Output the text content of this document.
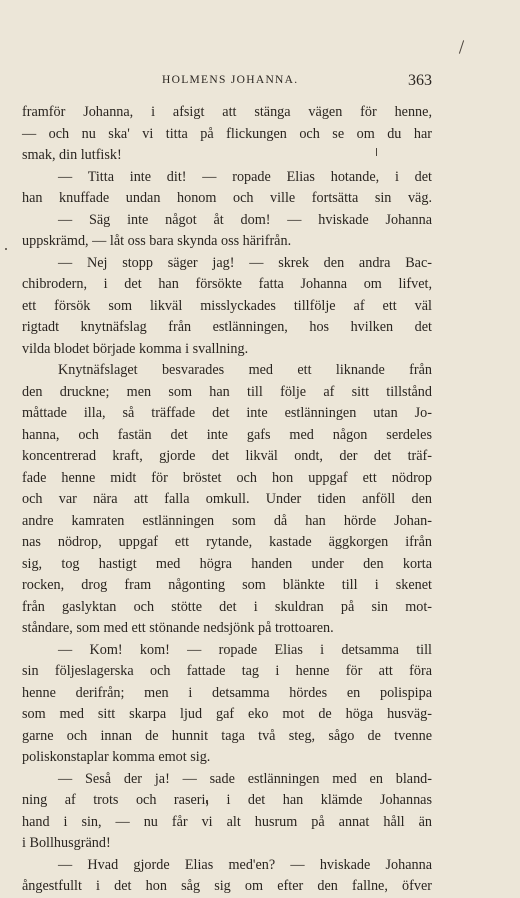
HOLMENS JOHANNA.	363
framför Johanna, i afsigt att stänga vägen för henne,
— och nu ska' vi titta på flickungen och se om du har
smak, din lutfisk!
— Titta inte dit! — ropade Elias hotande, i det
han knuffade undan honom och ville fortsätta sin väg.
— Säg inte något åt dom! — hviskade Johanna
uppskrämd, — låt oss bara skynda oss härifrån.
— Nej stopp säger jag! — skrek den andra Bac-
chibrodern, i det han försökte fatta Johanna om lifvet,
ett försök som likväl misslyckades tillfölje af ett väl
rigtadt knytnäfslag från estlänningen, hos hvilken det
vilda blodet började komma i svallning.
Knytnäfslaget besvarades med ett liknande från
den druckne; men som han till följe af sitt tillstånd
måttade illa, så träffade det inte estlänningen utan Jo-
hanna, och fastän det inte gafs med någon serdeles
koncentrerad kraft, gjorde det likväl ondt, der det träf-
fade henne midt för bröstet och hon uppgaf ett nödrop
och var nära att falla omkull. Under tiden anföll den
andre kamraten estlänningen som då han hörde Johan-
nas nödrop, uppgaf ett rytande, kastade äggkorgen ifrån
sig, tog hastigt med högra handen under den korta
rocken, drog fram någonting som blänkte till i skenet
från gaslyktan och stötte det i skuldran på sin mot-
ståndare, som med ett stönande nedsjönk på trottoaren.
— Kom! kom! — ropade Elias i detsamma till
sin följeslagerska och fattade tag i henne för att föra
henne derifrån; men i detsamma hördes en polispipa
som med sitt skarpa ljud gaf eko mot de höga husväg-
garne och innan de hunnit taga två steg, sågo de tvenne
poliskonstaplar komma emot sig.
— Seså der ja! — sade estlänningen med en bland-
ning af trots och raseri, i det han klämde Johannas
hand i sin, — nu får vi alt husrum på annat håll än
i Bollhusgränd!
— Hvad gjorde Elias med'en? — hviskade Johanna
ångestfullt i det hon såg sig om efter den fallne, öfver
